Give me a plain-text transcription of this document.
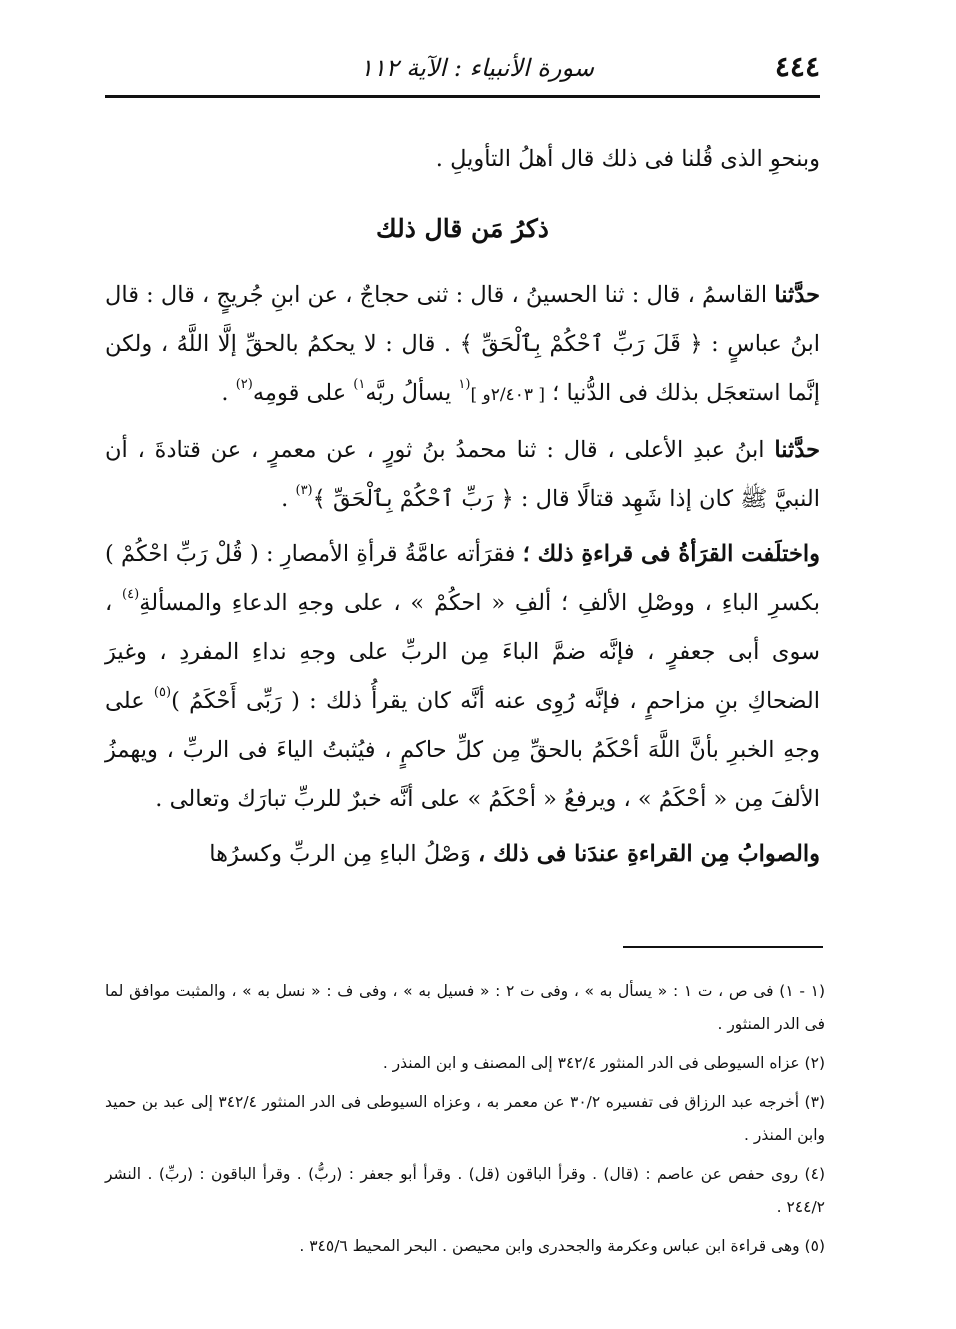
٤٤٤
سورة الأنبياء : الآية ١١٢

وبنحوِ الذى قُلنا فى ذلك قال أهلُ التأويلِ .

ذكرُ مَن قال ذلك

حدَّثنا القاسمُ ، قال : ثنا الحسينُ ، قال : ثنى حجاجٌ ، عن ابنِ جُريجٍ ، قال : قال ابنُ عباسٍ : ﴿ قَلَ رَبِّ ٱحْكُمْ بِٱلْحَقِّ ﴾ . قال : لا يحكمُ بالحقِّ إلَّا اللَّهُ ، ولكن إنَّما استعجَل بذلك فى الدُّنيا ؛ [ ٢/٤٠٣و ]$^{(١}$ يسألُ ربَّه$^{١)}$ على قومِه$^{(٢)}$ .

حدَّثنا ابنُ عبدِ الأعلى ، قال : ثنا محمدُ بنُ ثورٍ ، عن معمرٍ ، عن قتادةَ ، أن النبيَّ ﷺ كان إذا شَهِد قتالًا قال : ﴿ رَبِّ ٱحْكُمْ بِٱلْحَقِّ ﴾$^{(٣)}$ .

واختلَفت القرَأةُ فى قراءةِ ذلك ؛ فقرَأته عامَّةُ قرأةِ الأمصارِ : ( قُلْ رَبِّ احْكُمْ ) بكسرِ الباءِ ، ووصْلِ الألفِ ؛ ألفِ « احكُمْ » ، على وجهِ الدعاءِ والمسألةِ$^{(٤)}$ ، سوى أبى جعفرٍ ، فإنَّه ضمَّ الباءَ مِن الربِّ على وجهِ نداءِ المفردِ ، وغيرَ الضحاكِ بنِ مزاحمٍ ، فإنَّه رُوِى عنه أنَّه كان يقرأُ ذلك : ( رَبِّى أَحْكَمُ )$^{(٥)}$ على وجهِ الخبرِ بأنَّ اللَّهَ أحْكَمُ بالحقِّ مِن كلِّ حاكمٍ ، فيُثبتُ الياءَ فى الربِّ ، ويهمزُ الألفَ مِن « أحْكَمُ » ، ويرفعُ « أحْكَمُ » على أنَّه خبرٌ للربِّ تبارَك وتعالى .

والصوابُ مِن القراءةِ عندَنا فى ذلك ، وَصْلُ الباءِ مِن الربِّ وكسرُها

(١ - ١) فى ص ، ت ١ : « يسأل به » ، وفى ت ٢ : « فسيل به » ، وفى ف : « نسل به » ، والمثبت موافق لما فى الدر المنثور .

(٢) عزاه السيوطى فى الدر المنثور ٣٤٢/٤ إلى المصنف و ابن المنذر .

(٣) أخرجه عبد الرزاق فى تفسيره ٣٠/٢ عن معمر به ، وعزاه السيوطى فى الدر المنثور ٣٤٢/٤ إلى عبد بن حميد وابن المنذر .

(٤) روى حفص عن عاصم : (قال) . وقرأ الباقون (قل) . وقرأ أبو جعفر : (ربُّ) . وقرأ الباقون : (ربِّ) . النشر ٢٤٤/٢ .

(٥) وهى قراءة ابن عباس وعكرمة والجحدرى وابن محيصن . البحر المحيط ٣٤٥/٦ .
